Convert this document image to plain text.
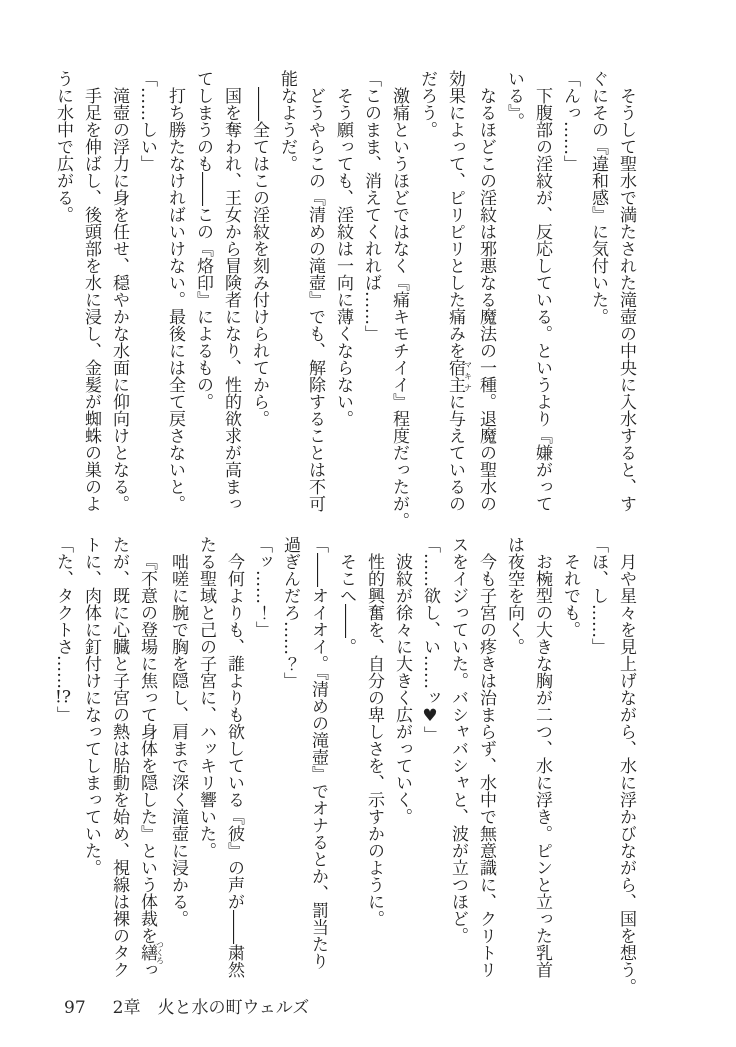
そうして聖水で満たされた滝壺の中央に入水すると、す

ぐにその『違和感』に気付いた。

「んっ……」

下腹部の淫紋が、反応している。というより『嫌がって

いる』。

なるほどこの淫紋は邪悪なる魔法の一種。退魔の聖水の

効果によって、ピリピリとした痛みを宿主マキナに与えているの

だろう。

激痛というほどではなく『痛キモチイイ』程度だったが。

「このまま、消えてくれれば……」

そう願っても、淫紋は一向に薄くならない。

どうやらこの『清めの滝壺』でも、解除することは不可

能なようだ。

――全てはこの淫紋を刻み付けられてから。

国を奪われ、王女から冒険者になり、性的欲求が高まっ

てしまうのも――この『烙印』によるもの。

打ち勝たなければいけない。最後には全て戻さないと。

「……しい」

滝壺の浮力に身を任せ、穏やかな水面に仰向けとなる。

手足を伸ばし、後頭部を水に浸し、金髪が蜘蛛の巣のよ

うに水中で広がる。

月や星々を見上げながら、水に浮かびながら、国を想う。

「ほ、し……」

それでも。

お椀型の大きな胸が二つ、水に浮き。ピンと立った乳首

は夜空を向く。

今も子宮の疼きは治まらず、水中で無意識に、クリトリ

スをイジっていた。バシャバシャと、波が立つほど。

「……欲し、い……ッ♥」

波紋が徐々に大きく広がっていく。

性的興奮を、自分の卑しさを、示すかのように。

そこへ――。

「――オイオイ。『清めの滝壺』でオナるとか、罰当たり

過ぎんだろ……？」

「ッ……！」

今何よりも、誰よりも欲している『彼』の声が――粛然

たる聖域と己の子宮に、ハッキリ響いた。

咄嗟に腕で胸を隠し、肩まで深く滝壺に浸かる。

『不意の登場に焦って身体を隠した』という体裁を繕つくろっ

たが、既に心臓と子宮の熱は胎動を始め、視線は裸のタク

トに、肉体に釘付けになってしまっていた。

「た、タクトさ……!?」

97 2章　火と水の町ウェルズ
